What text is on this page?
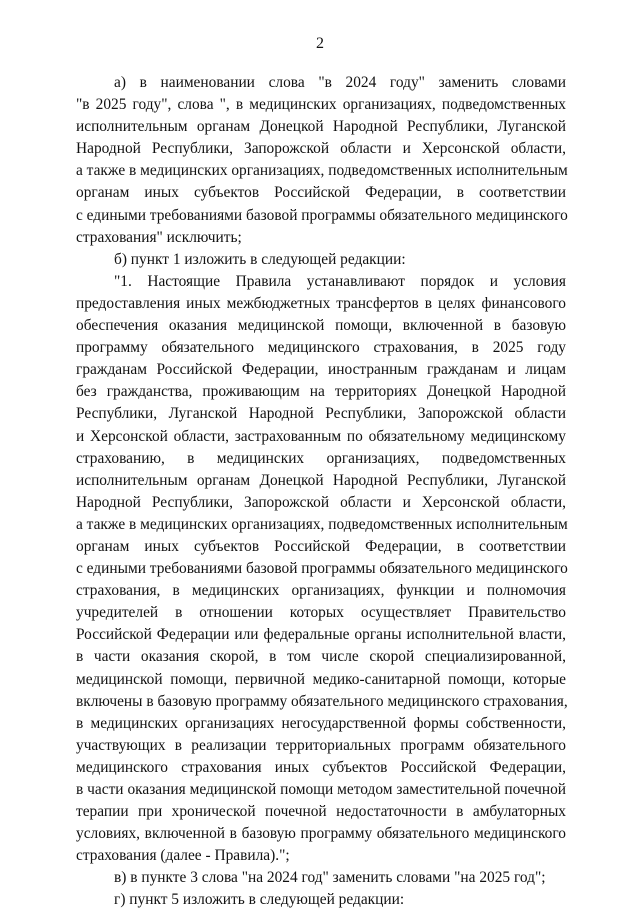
2
а) в наименовании слова "в 2024 году" заменить словами
"в 2025 году", слова ", в медицинских организациях, подведомственных
исполнительным органам Донецкой Народной Республики, Луганской
Народной Республики, Запорожской области и Херсонской области,
а также в медицинских организациях, подведомственных исполнительным
органам иных субъектов Российской Федерации, в соответствии
с едиными требованиями базовой программы обязательного медицинского
страхования" исключить;
б) пункт 1 изложить в следующей редакции:
"1. Настоящие Правила устанавливают порядок и условия
предоставления иных межбюджетных трансфертов в целях финансового
обеспечения оказания медицинской помощи, включенной в базовую
программу обязательного медицинского страхования, в 2025 году
гражданам Российской Федерации, иностранным гражданам и лицам
без гражданства, проживающим на территориях Донецкой Народной
Республики, Луганской Народной Республики, Запорожской области
и Херсонской области, застрахованным по обязательному медицинскому
страхованию, в медицинских организациях, подведомственных
исполнительным органам Донецкой Народной Республики, Луганской
Народной Республики, Запорожской области и Херсонской области,
а также в медицинских организациях, подведомственных исполнительным
органам иных субъектов Российской Федерации, в соответствии
с едиными требованиями базовой программы обязательного медицинского
страхования, в медицинских организациях, функции и полномочия
учредителей в отношении которых осуществляет Правительство
Российской Федерации или федеральные органы исполнительной власти,
в части оказания скорой, в том числе скорой специализированной,
медицинской помощи, первичной медико-санитарной помощи, которые
включены в базовую программу обязательного медицинского страхования,
в медицинских организациях негосударственной формы собственности,
участвующих в реализации территориальных программ обязательного
медицинского страхования иных субъектов Российской Федерации,
в части оказания медицинской помощи методом заместительной почечной
терапии при хронической почечной недостаточности в амбулаторных
условиях, включенной в базовую программу обязательного медицинского
страхования (далее - Правила).";
в) в пункте 3 слова "на 2024 год" заменить словами "на 2025 год";
г) пункт 5 изложить в следующей редакции:
